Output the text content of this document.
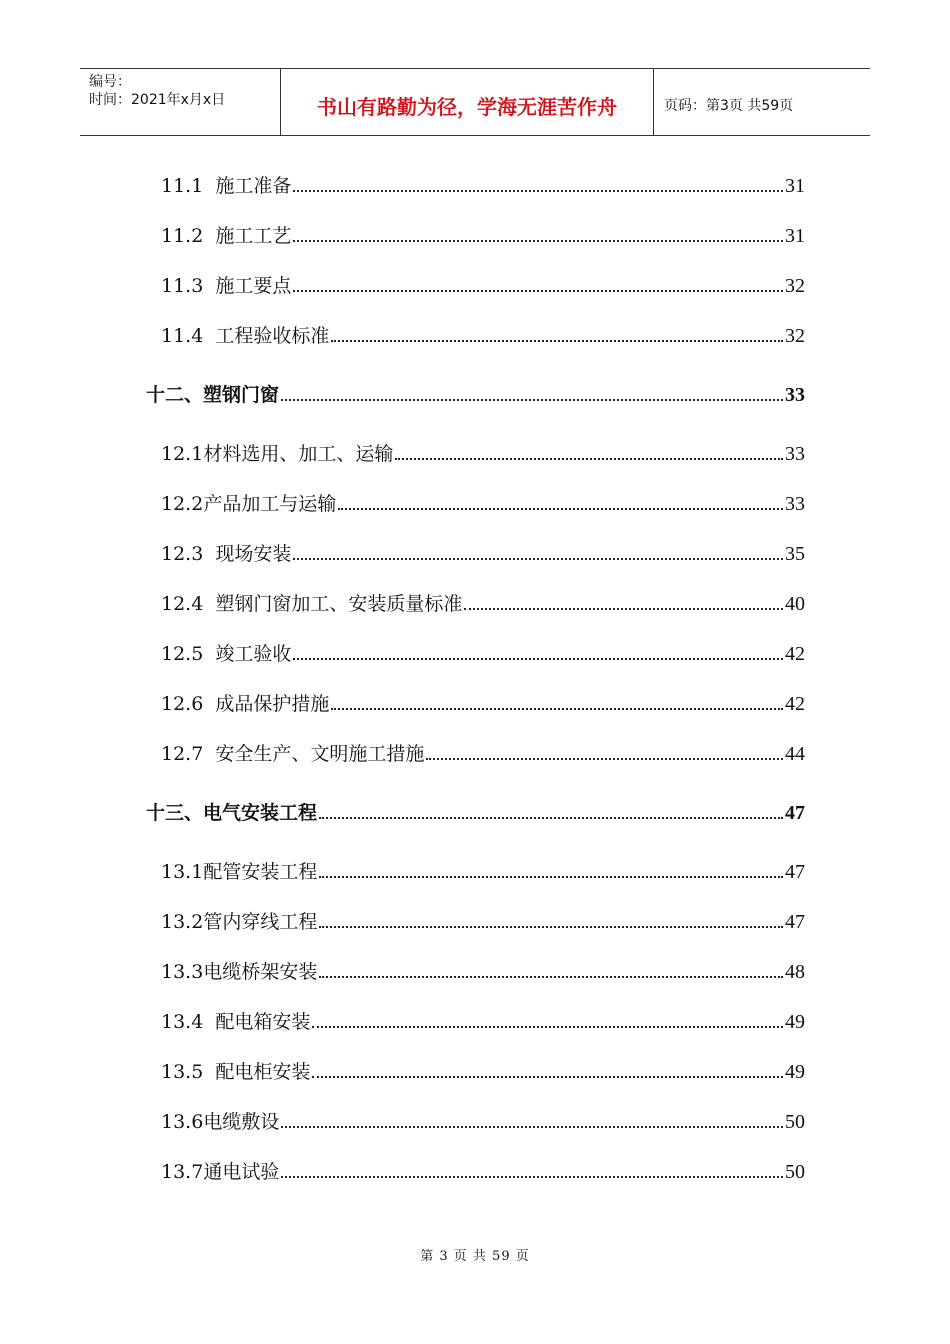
编号：
时间：2021年x月x日	书山有路勤为径，学海无涯苦作舟	页码：第3页 共59页
11.1 施工准备	31
11.2 施工工艺	31
11.3 施工要点	32
11.4 工程验收标准	32
十二、塑钢门窗	33
12.1 材料选用、加工、运输	33
12.2 产品加工与运输	33
12.3 现场安装	35
12.4 塑钢门窗加工、安装质量标准	40
12.5 竣工验收	42
12.6 成品保护措施	42
12.7 安全生产、文明施工措施	44
十三、电气安装工程	47
13.1 配管安装工程	47
13.2 管内穿线工程	47
13.3 电缆桥架安装	48
13.4 配电箱安装	49
13.5 配电柜安装	49
13.6 电缆敷设	50
13.7 通电试验	50
第 3 页 共 59 页
